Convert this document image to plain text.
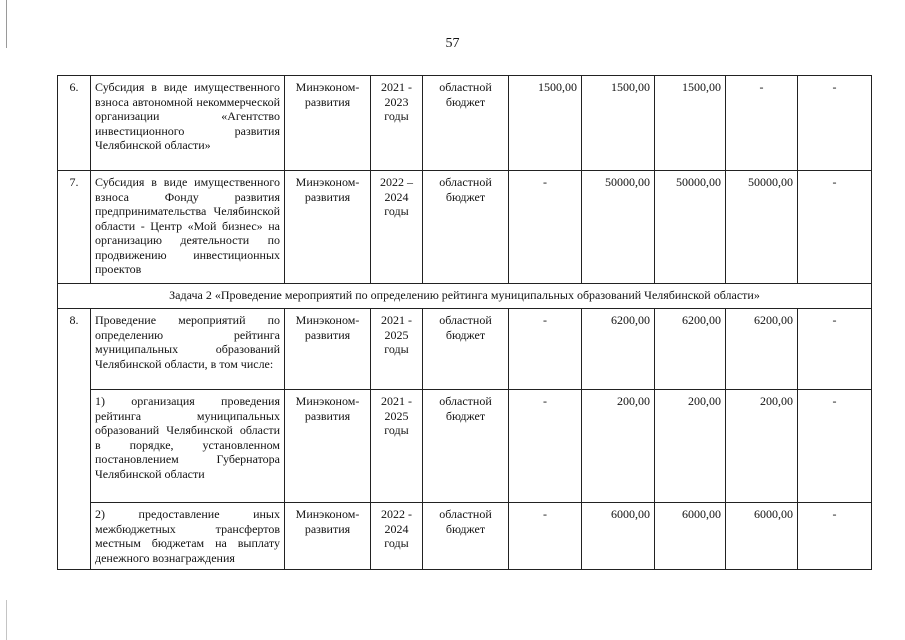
57
6.	Субсидия в виде имущественного взноса автономной некоммерческой организации «Агентство инвестиционного развития Челябинской области»	Минэконом-развития	2021 - 2023 годы	областной бюджет	1500,00	1500,00	1500,00	-	-
7.	Субсидия в виде имущественного взноса Фонду развития предпринимательства Челябинской области - Центр «Мой бизнес» на организацию деятельности по продвижению инвестиционных проектов	Минэконом-развития	2022 – 2024 годы	областной бюджет	-	50000,00	50000,00	50000,00	-
Задача 2 «Проведение мероприятий по определению рейтинга муниципальных образований Челябинской области»									
8.	Проведение мероприятий по определению рейтинга муниципальных образований Челябинской области, в том числе:	Минэконом-развития	2021 - 2025 годы	областной бюджет	-	6200,00	6200,00	6200,00	-
	1) организация проведения рейтинга муниципальных образований Челябинской области в порядке, установленном постановлением Губернатора Челябинской области	Минэконом-развития	2021 - 2025 годы	областной бюджет	-	200,00	200,00	200,00	-
	2) предоставление иных межбюджетных трансфертов местным бюджетам на выплату денежного вознаграждения	Минэконом-развития	2022 - 2024 годы	областной бюджет	-	6000,00	6000,00	6000,00	-
